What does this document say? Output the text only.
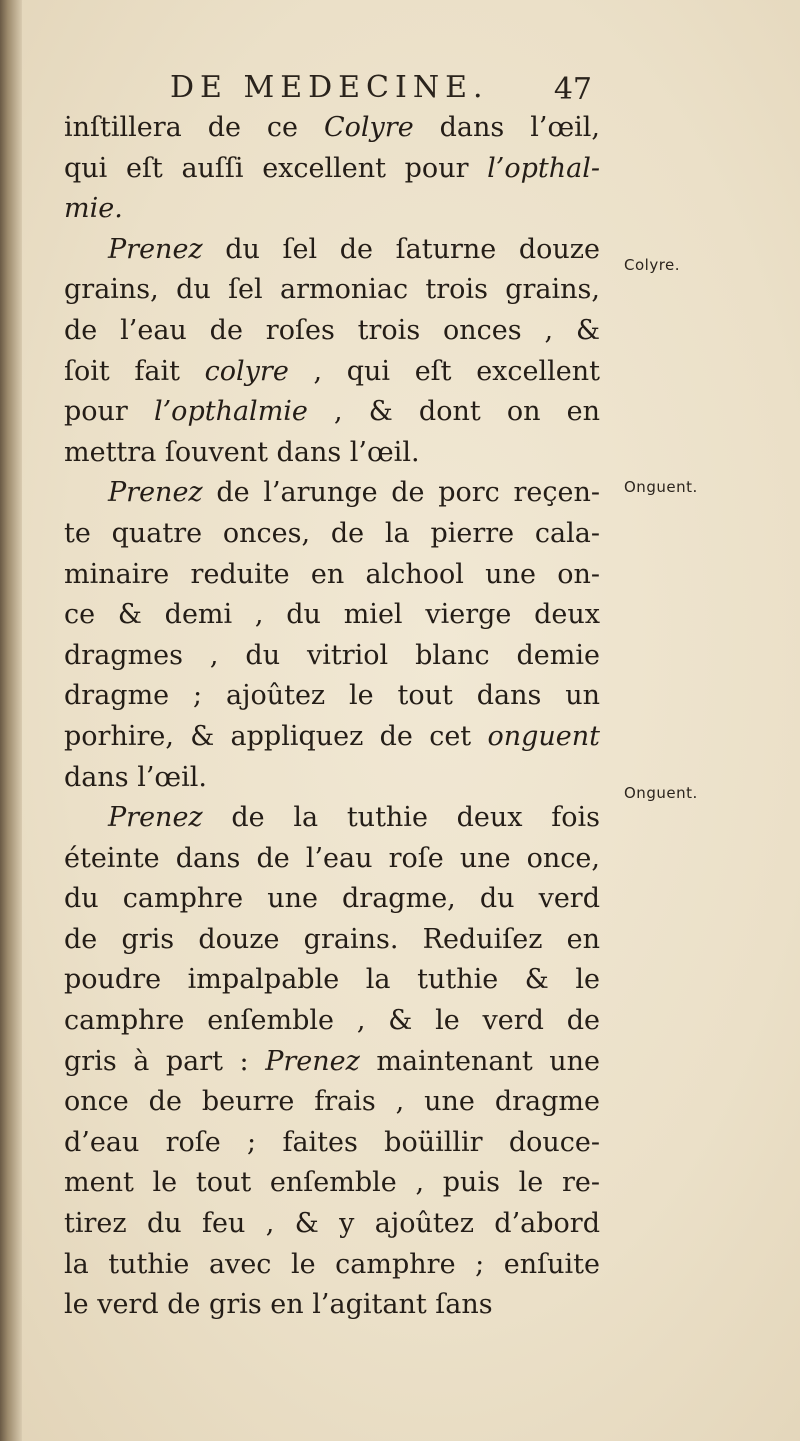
DE MEDECINE. 47
inſtillera de ce Colyre dans l’œil,
qui eſt auſſi excellent pour l’opthal-
mie.
Prenez du ſel de ſaturne douze
grains, du ſel armoniac trois grains,
de l’eau de roſes trois onces , &
ſoit fait colyre , qui eſt excellent
pour l’opthalmie , & dont on en
mettra ſouvent dans l’œil.
Prenez de l’arunge de porc reçen-
te quatre onces, de la pierre cala-
minaire reduite en alchool une on-
ce & demi , du miel vierge deux
dragmes , du vitriol blanc demie
dragme ; ajoûtez le tout dans un
porhire, & appliquez de cet onguent
dans l’œil.
Prenez de la tuthie deux fois
éteinte dans de l’eau roſe une once,
du camphre une dragme, du verd
de gris douze grains. Reduiſez en
poudre impalpable la tuthie & le
camphre enſemble , & le verd de
gris à part : Prenez maintenant une
once de beurre frais , une dragme
d’eau roſe ; faites boüillir douce-
ment le tout enſemble , puis le re-
tirez du feu , & y ajoûtez d’abord
la tuthie avec le camphre ; enſuite
le verd de gris en l’agitant ſans
Colyre.
Onguent.
Onguent.
